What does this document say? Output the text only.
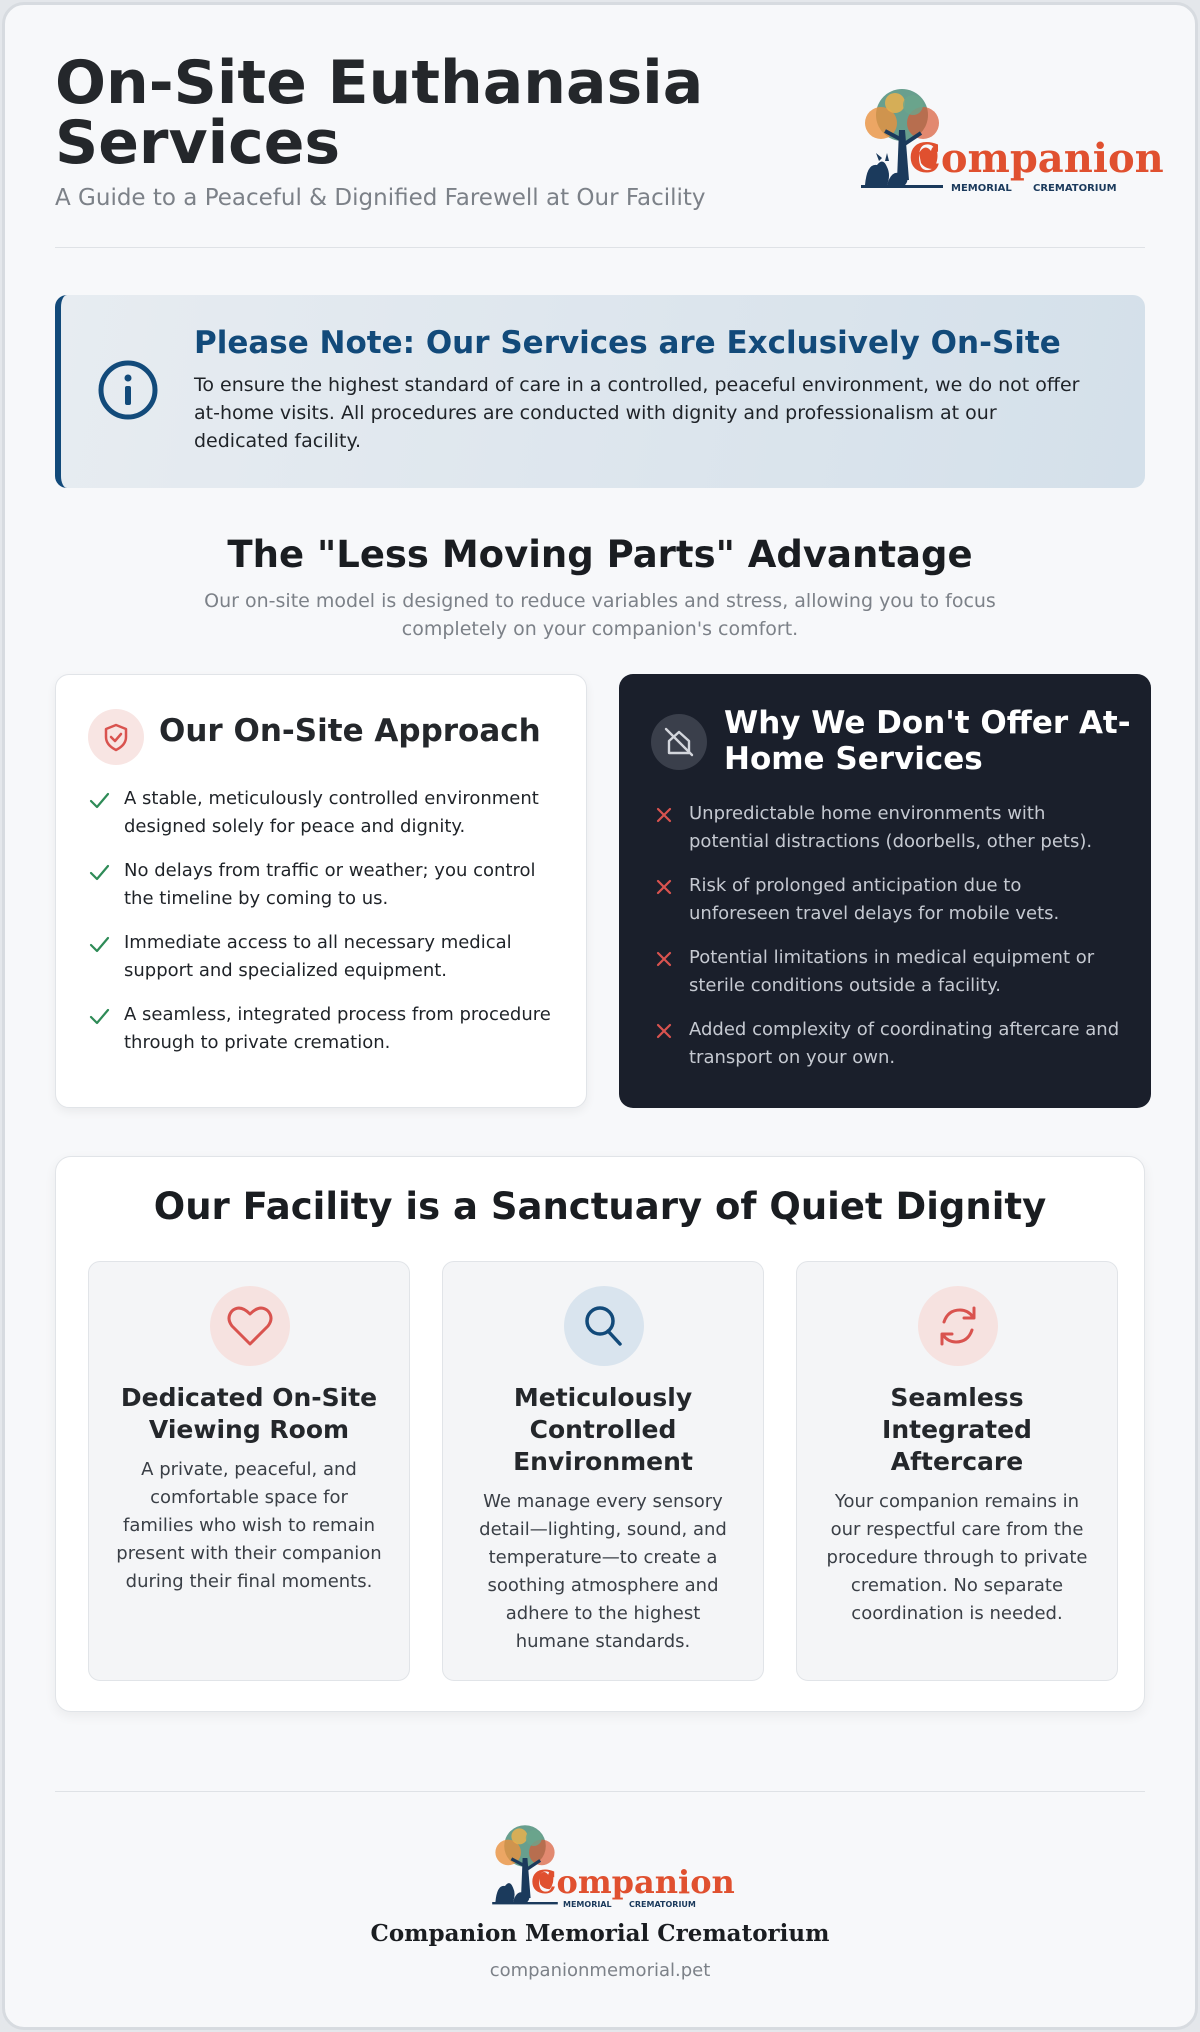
On-Site Euthanasia Services
A Guide to a Peaceful & Dignified Farewell at Our Facility
Companion
MEMORIAL CREMATORIUM
Please Note: Our Services are Exclusively On-Site
To ensure the highest standard of care in a controlled, peaceful environment, we do not offer at-home visits. All procedures are conducted with dignity and professionalism at our dedicated facility.
The "Less Moving Parts" Advantage
Our on-site model is designed to reduce variables and stress, allowing you to focus completely on your companion's comfort.
Our On-Site Approach
A stable, meticulously controlled environment designed solely for peace and dignity.
No delays from traffic or weather; you control the timeline by coming to us.
Immediate access to all necessary medical support and specialized equipment.
A seamless, integrated process from procedure through to private cremation.
Why We Don't Offer At-Home Services
Unpredictable home environments with potential distractions (doorbells, other pets).
Risk of prolonged anticipation due to unforeseen travel delays for mobile vets.
Potential limitations in medical equipment or sterile conditions outside a facility.
Added complexity of coordinating aftercare and transport on your own.
Our Facility is a Sanctuary of Quiet Dignity
Dedicated On-Site Viewing Room
A private, peaceful, and comfortable space for families who wish to remain present with their companion during their final moments.
Meticulously Controlled Environment
We manage every sensory detail—lighting, sound, and temperature—to create a soothing atmosphere and adhere to the highest humane standards.
Seamless Integrated Aftercare
Your companion remains in our respectful care from the procedure through to private cremation. No separate coordination is needed.
Companion
MEMORIAL CREMATORIUM
Companion Memorial Crematorium
companionmemorial.pet
